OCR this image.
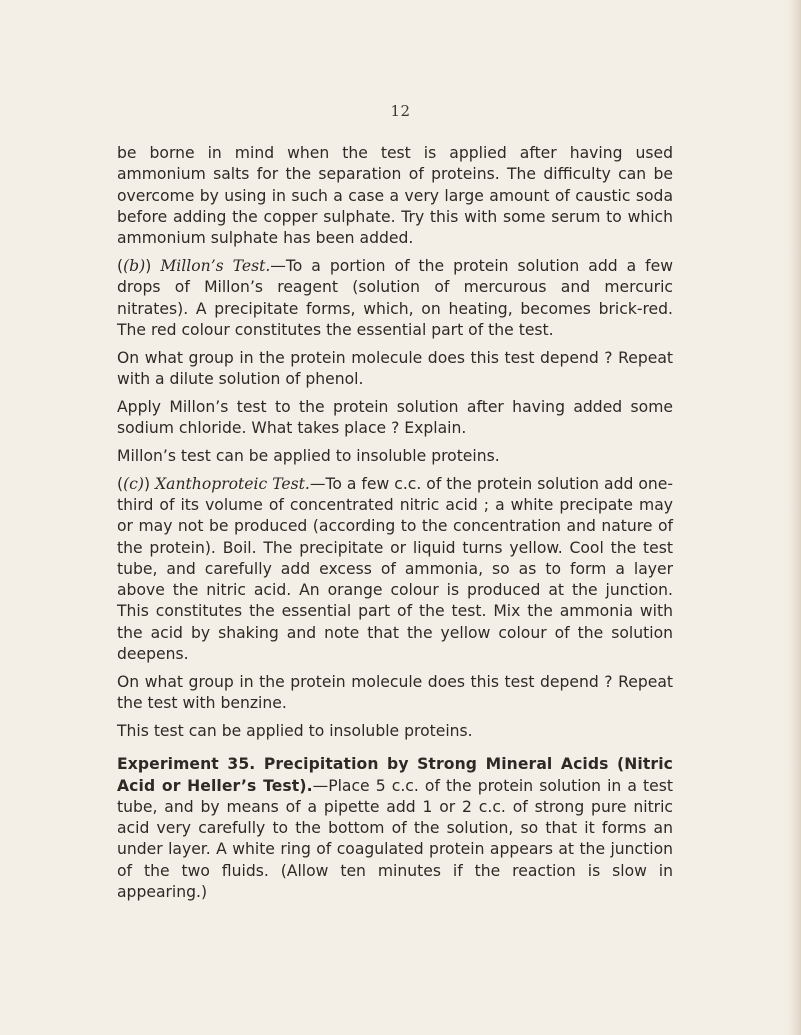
12

be borne in mind when the test is applied after having used ammonium salts for the separation of proteins. The difficulty can be overcome by using in such a case a very large amount of caustic soda before adding the copper sulphate. Try this with some serum to which ammonium sulphate has been added.

((b)) Millon’s Test.—To a portion of the protein solution add a few drops of Millon’s reagent (solution of mercurous and mercuric nitrates). A precipitate forms, which, on heating, becomes brick-red. The red colour constitutes the essential part of the test.

On what group in the protein molecule does this test depend ? Repeat with a dilute solution of phenol.

Apply Millon’s test to the protein solution after having added some sodium chloride. What takes place ? Explain.

Millon’s test can be applied to insoluble proteins.

((c)) Xanthoproteic Test.—To a few c.c. of the protein solution add one-third of its volume of concentrated nitric acid ; a white precipate may or may not be produced (according to the concentration and nature of the protein). Boil. The precipitate or liquid turns yellow. Cool the test tube, and carefully add excess of ammonia, so as to form a layer above the nitric acid. An orange colour is produced at the junction. This constitutes the essential part of the test. Mix the ammonia with the acid by shaking and note that the yellow colour of the solution deepens.

On what group in the protein molecule does this test depend ? Repeat the test with benzine.

This test can be applied to insoluble proteins.

Experiment 35. Precipitation by Strong Mineral Acids (Nitric Acid or Heller’s Test).—Place 5 c.c. of the protein solution in a test tube, and by means of a pipette add 1 or 2 c.c. of strong pure nitric acid very carefully to the bottom of the solution, so that it forms an under layer. A white ring of coagulated protein appears at the junction of the two fluids. (Allow ten minutes if the reaction is slow in appearing.)
